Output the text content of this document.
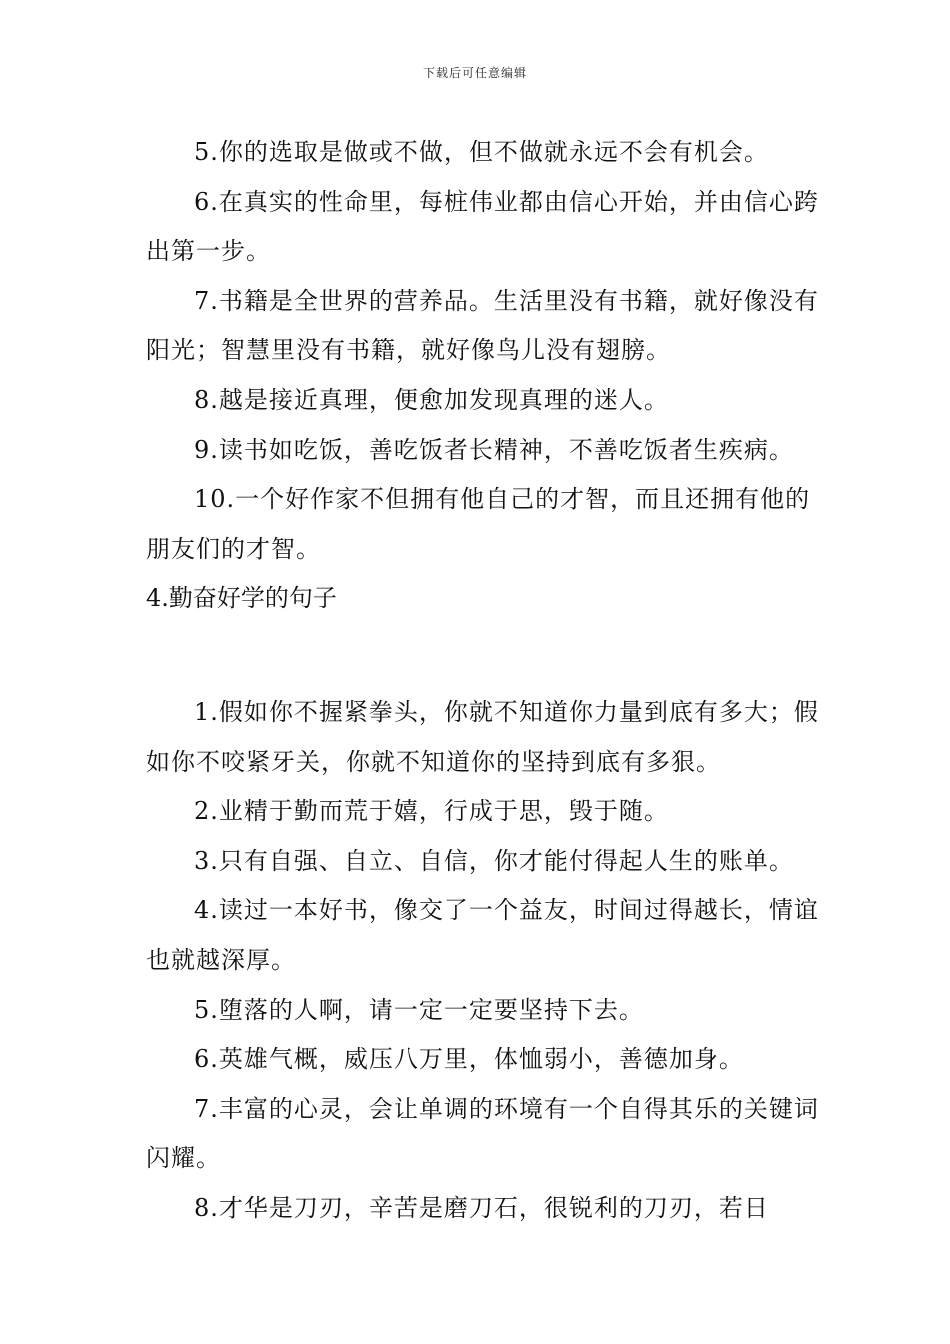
下载后可任意编辑

5.你的选取是做或不做，但不做就永远不会有机会。

6.在真实的性命里，每桩伟业都由信心开始，并由信心跨出第一步。

7.书籍是全世界的营养品。生活里没有书籍，就好像没有阳光；智慧里没有书籍，就好像鸟儿没有翅膀。

8.越是接近真理，便愈加发现真理的迷人。

9.读书如吃饭，善吃饭者长精神，不善吃饭者生疾病。

10.一个好作家不但拥有他自己的才智，而且还拥有他的朋友们的才智。

4.勤奋好学的句子

1.假如你不握紧拳头，你就不知道你力量到底有多大；假如你不咬紧牙关，你就不知道你的坚持到底有多狠。

2.业精于勤而荒于嬉，行成于思，毁于随。

3.只有自强、自立、自信，你才能付得起人生的账单。

4.读过一本好书，像交了一个益友，时间过得越长，情谊也就越深厚。

5.堕落的人啊，请一定一定要坚持下去。

6.英雄气概，威压八万里，体恤弱小，善德加身。

7.丰富的心灵，会让单调的环境有一个自得其乐的关键词闪耀。

8.才华是刀刃，辛苦是磨刀石，很锐利的刀刃，若日
